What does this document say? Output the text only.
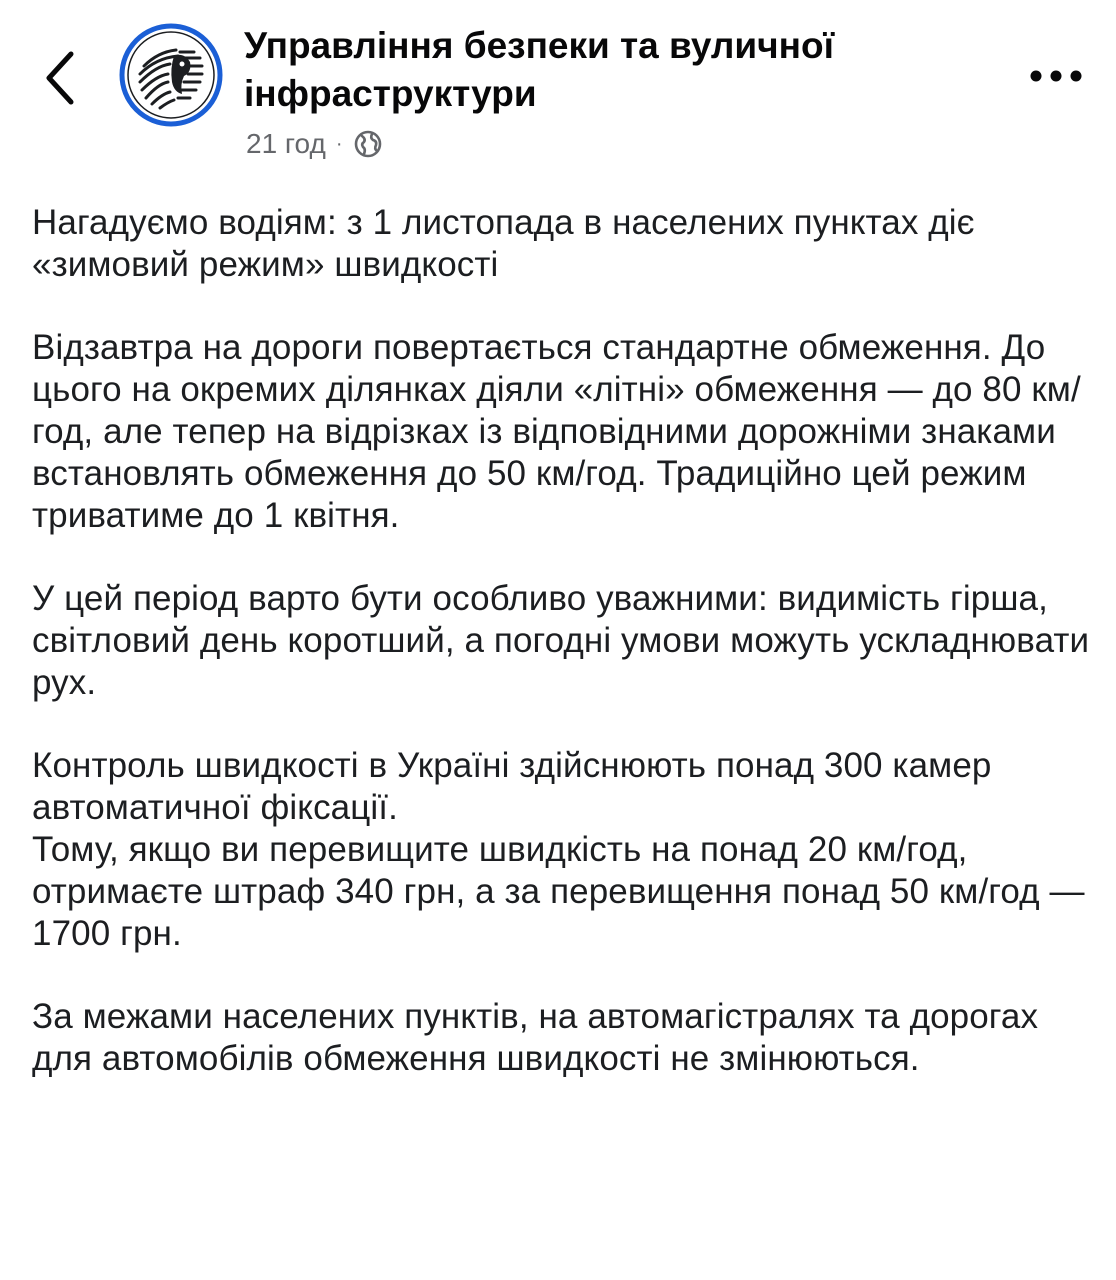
Управління безпеки та вуличної інфраструктури
21 год ·

Нагадуємо водіям: з 1 листопада в населених пунктах діє «зимовий режим» швидкості

Відзавтра на дороги повертається стандартне обмеження. До цього на окремих ділянках діяли «літні» обмеження — до 80 км/год, але тепер на відрізках із відповідними дорожніми знаками встановлять обмеження до 50 км/год. Традиційно цей режим триватиме до 1 квітня.

У цей період варто бути особливо уважними: видимість гірша, світловий день коротший, а погодні умови можуть ускладнювати рух.

Контроль швидкості в Україні здійснюють понад 300 камер автоматичної фіксації.
Тому, якщо ви перевищите швидкість на понад 20 км/год, отримаєте штраф 340 грн, а за перевищення понад 50 км/год — 1700 грн.

За межами населених пунктів, на автомагістралях та дорогах для автомобілів обмеження швидкості не змінюються.
